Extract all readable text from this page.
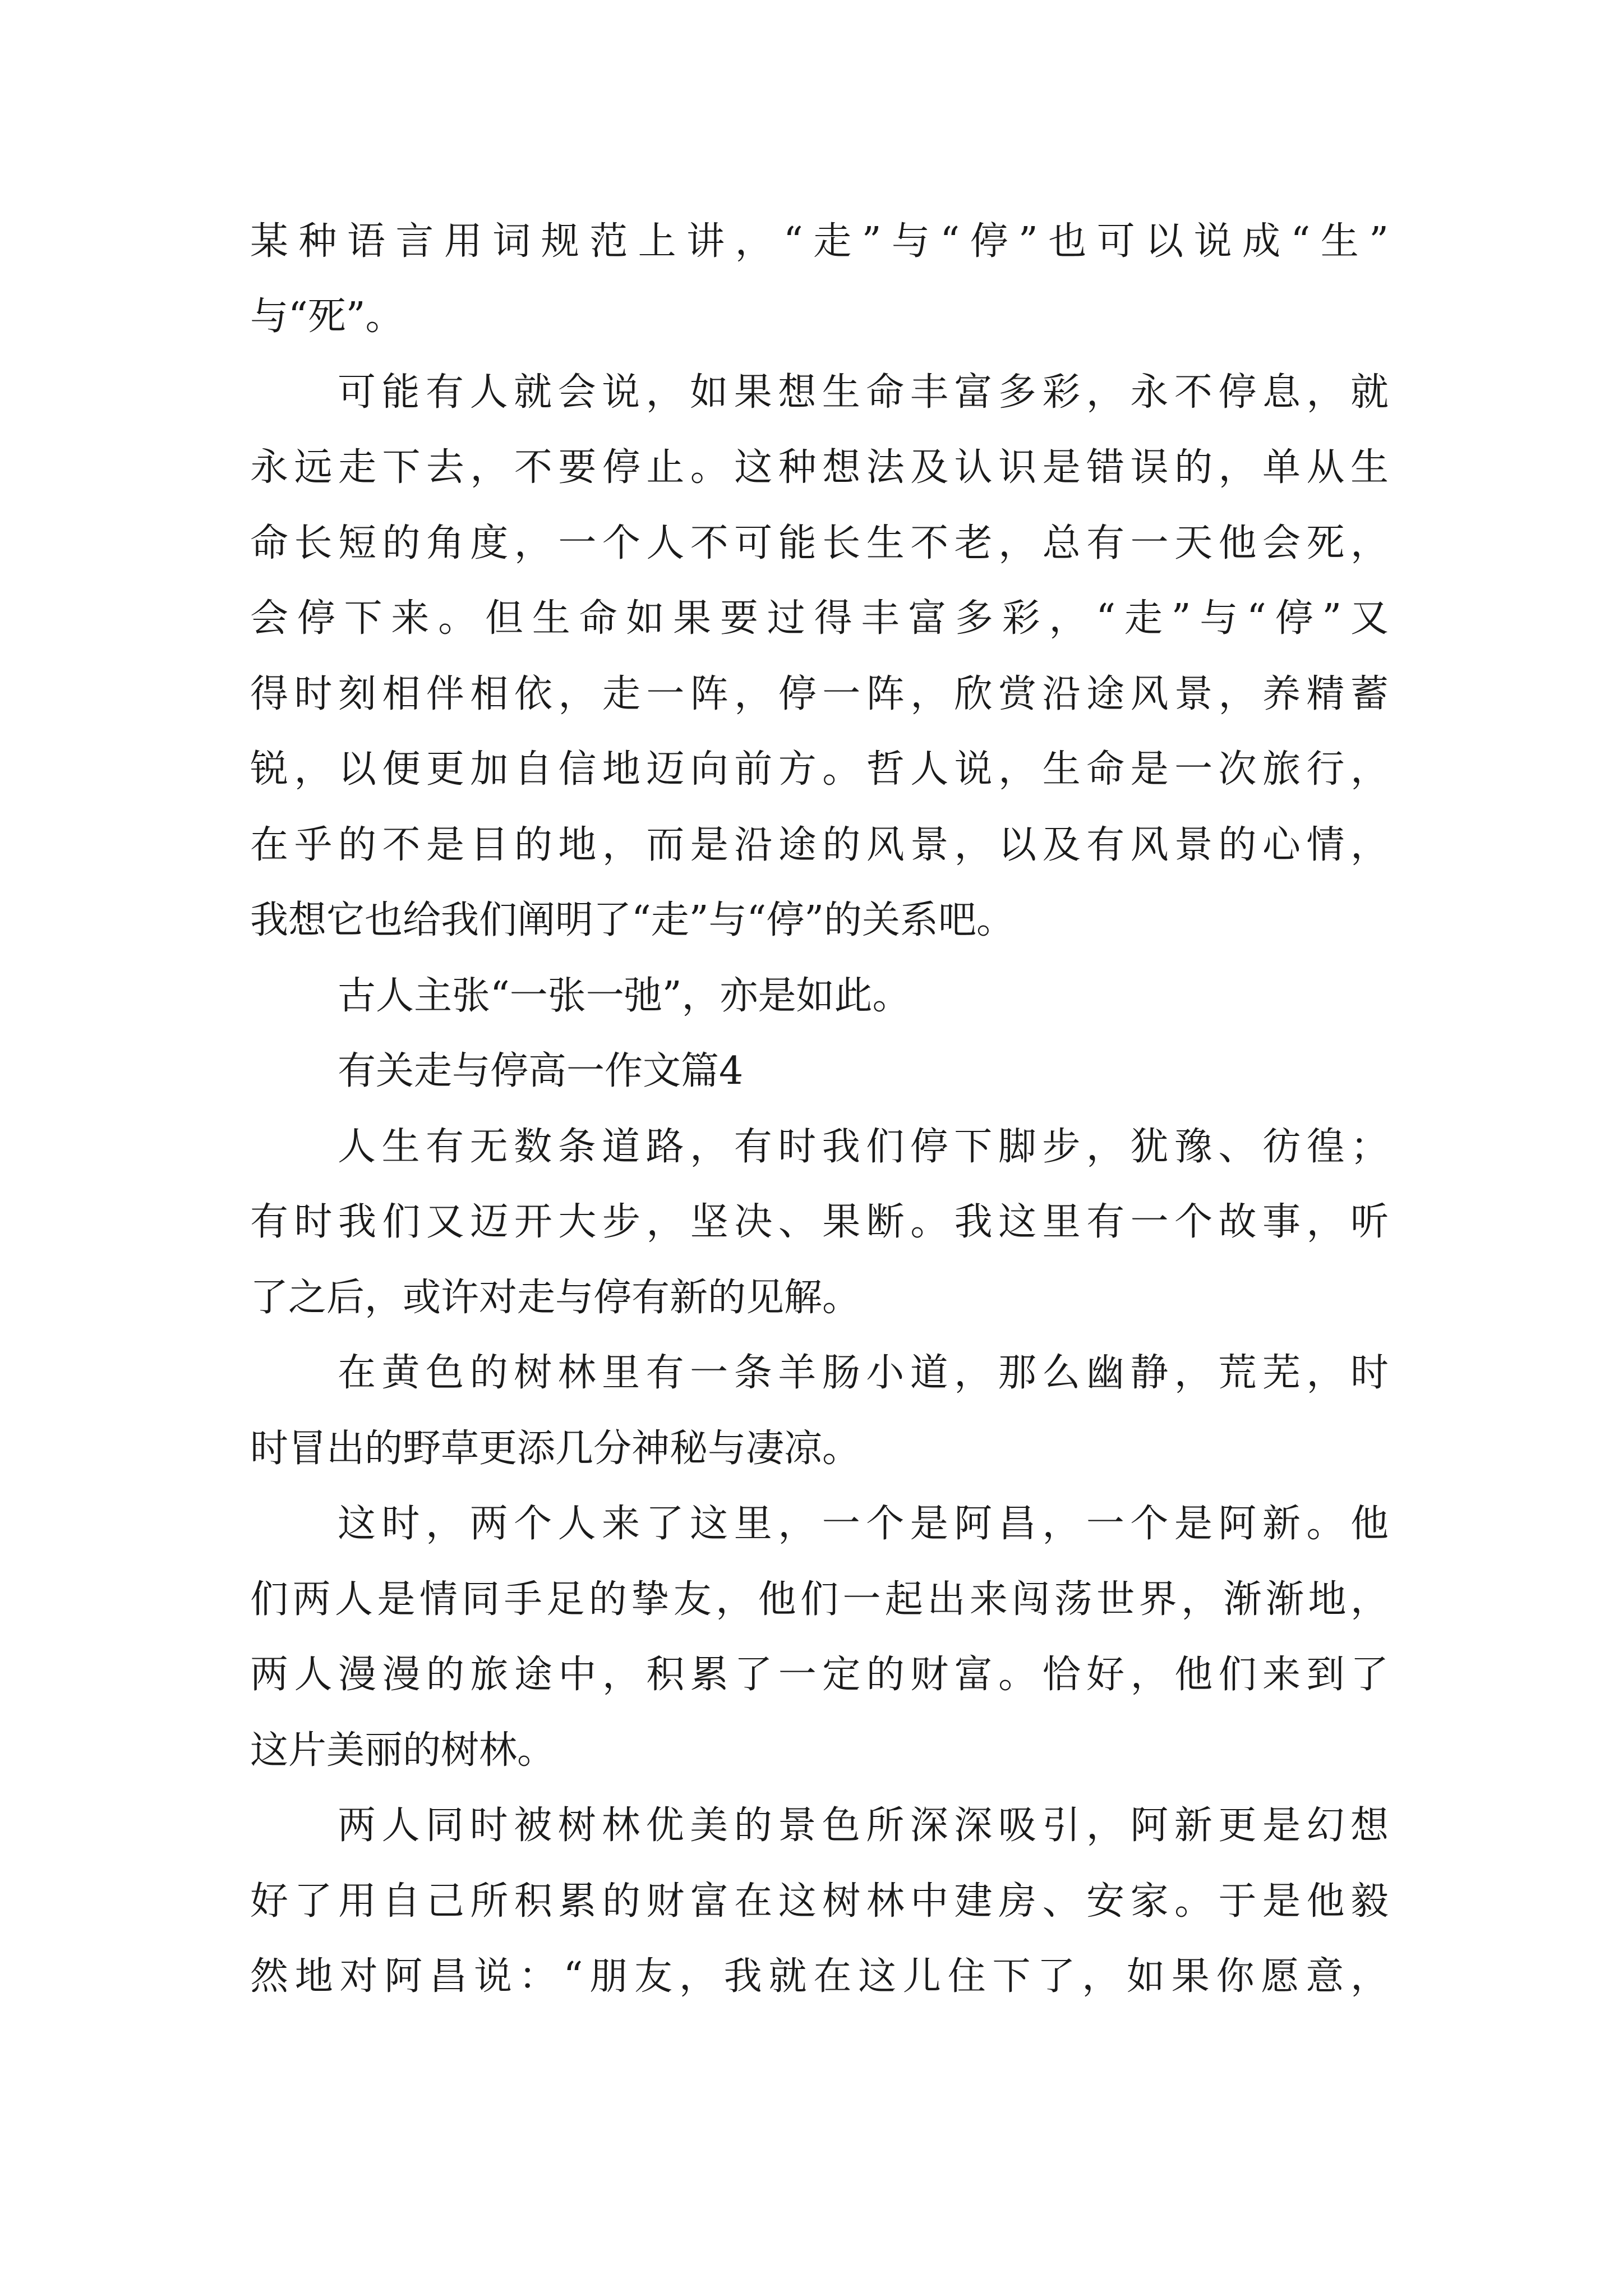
某种语言用词规范上讲，“走”与“停”也可以说成“生”
与“死”。
可能有人就会说，如果想生命丰富多彩，永不停息，就
永远走下去，不要停止。这种想法及认识是错误的，单从生
命长短的角度，一个人不可能长生不老，总有一天他会死，
会停下来。但生命如果要过得丰富多彩，“走”与“停”又
得时刻相伴相依，走一阵，停一阵，欣赏沿途风景，养精蓄
锐，以便更加自信地迈向前方。哲人说，生命是一次旅行，
在乎的不是目的地，而是沿途的风景，以及有风景的心情，
我想它也给我们阐明了“走”与“停”的关系吧。
古人主张“一张一弛”，亦是如此。
有关走与停高一作文篇4
人生有无数条道路，有时我们停下脚步，犹豫、彷徨；
有时我们又迈开大步，坚决、果断。我这里有一个故事，听
了之后，或许对走与停有新的见解。
在黄色的树林里有一条羊肠小道，那么幽静，荒芜，时
时冒出的野草更添几分神秘与凄凉。
这时，两个人来了这里，一个是阿昌，一个是阿新。他
们两人是情同手足的挚友，他们一起出来闯荡世界，渐渐地，
两人漫漫的旅途中，积累了一定的财富。恰好，他们来到了
这片美丽的树林。
两人同时被树林优美的景色所深深吸引，阿新更是幻想
好了用自己所积累的财富在这树林中建房、安家。于是他毅
然地对阿昌说：“朋友，我就在这儿住下了，如果你愿意，
